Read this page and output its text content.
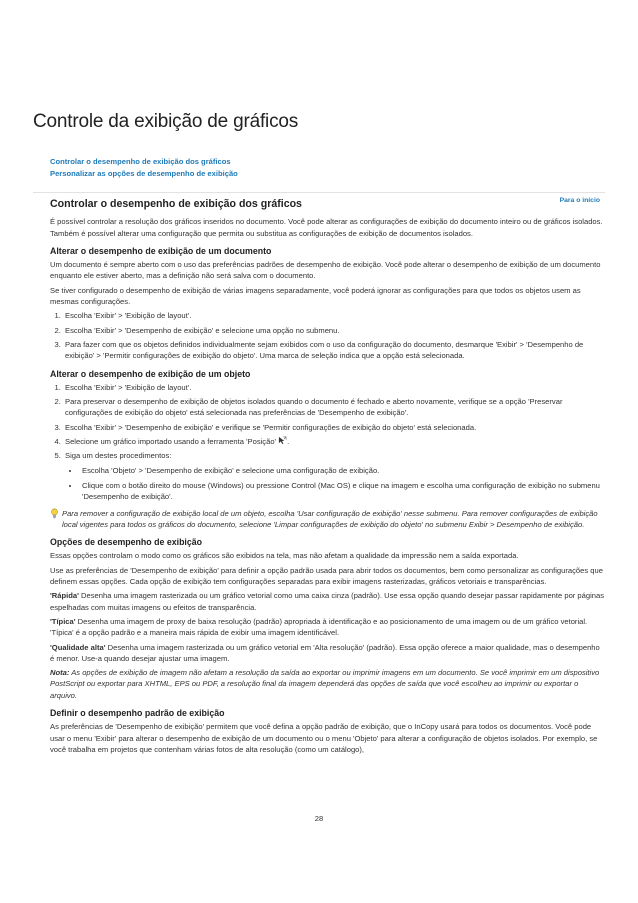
Controle da exibição de gráficos
Controlar o desempenho de exibição dos gráficos
Personalizar as opções de desempenho de exibição
Para o início
Controlar o desempenho de exibição dos gráficos

É possível controlar a resolução dos gráficos inseridos no documento. Você pode alterar as configurações de exibição do documento inteiro ou de gráficos isolados. Também é possível alterar uma configuração que permita ou substitua as configurações de exibição de documentos isolados.

Alterar o desempenho de exibição de um documento

Um documento é sempre aberto com o uso das preferências padrões de desempenho de exibição. Você pode alterar o desempenho de exibição de um documento enquanto ele estiver aberto, mas a definição não será salva com o documento.

Se tiver configurado o desempenho de exibição de várias imagens separadamente, você poderá ignorar as configurações para que todos os objetos usem as mesmas configurações.

1. Escolha 'Exibir' > 'Exibição de layout'.
2. Escolha 'Exibir' > 'Desempenho de exibição' e selecione uma opção no submenu.
3. Para fazer com que os objetos definidos individualmente sejam exibidos com o uso da configuração do documento, desmarque 'Exibir' > 'Desempenho de exibição' > 'Permitir configurações de exibição do objeto'. Uma marca de seleção indica que a opção está selecionada.
Alterar o desempenho de exibição de um objeto
1. Escolha 'Exibir' > 'Exibição de layout'.
2. Para preservar o desempenho de exibição de objetos isolados quando o documento é fechado e aberto novamente, verifique se a opção 'Preservar configurações de exibição do objeto' está selecionada nas preferências de 'Desempenho de exibição'.
3. Escolha 'Exibir' > 'Desempenho de exibição' e verifique se 'Permitir configurações de exibição do objeto' está selecionada.
4. Selecione um gráfico importado usando a ferramenta 'Posição' .
5. Siga um destes procedimentos:
• Escolha 'Objeto' > 'Desempenho de exibição' e selecione uma configuração de exibição.
• Clique com o botão direito do mouse (Windows) ou pressione Control (Mac OS) e clique na imagem e escolha uma configuração de exibição no submenu 'Desempenho de exibição'.
Para remover a configuração de exibição local de um objeto, escolha 'Usar configuração de exibição' nesse submenu. Para remover configurações de exibição local vigentes para todos os gráficos do documento, selecione 'Limpar configurações de exibição do objeto' no submenu Exibir > Desempenho de exibição.
Opções de desempenho de exibição

Essas opções controlam o modo como os gráficos são exibidos na tela, mas não afetam a qualidade da impressão nem a saída exportada.

Use as preferências de 'Desempenho de exibição' para definir a opção padrão usada para abrir todos os documentos, bem como personalizar as configurações que definem essas opções. Cada opção de exibição tem configurações separadas para exibir imagens rasterizadas, gráficos vetoriais e transparências.

'Rápida' Desenha uma imagem rasterizada ou um gráfico vetorial como uma caixa cinza (padrão). Use essa opção quando desejar passar rapidamente por páginas espelhadas com muitas imagens ou efeitos de transparência.

'Típica' Desenha uma imagem de proxy de baixa resolução (padrão) apropriada à identificação e ao posicionamento de uma imagem ou de um gráfico vetorial. 'Típica' é a opção padrão e a maneira mais rápida de exibir uma imagem identificável.

'Qualidade alta' Desenha uma imagem rasterizada ou um gráfico vetorial em 'Alta resolução' (padrão). Essa opção oferece a maior qualidade, mas o desempenho é menor. Use-a quando desejar ajustar uma imagem.

Nota: As opções de exibição de imagem não afetam a resolução da saída ao exportar ou imprimir imagens em um documento. Se você imprimir em um dispositivo PostScript ou exportar para XHTML, EPS ou PDF, a resolução final da imagem dependerá das opções de saída que você escolheu ao imprimir ou exportar o arquivo.

Definir o desempenho padrão de exibição

As preferências de 'Desempenho de exibição' permitem que você defina a opção padrão de exibição, que o InCopy usará para todos os documentos. Você pode usar o menu 'Exibir' para alterar o desempenho de exibição de um documento ou o menu 'Objeto' para alterar a configuração de objetos isolados. Por exemplo, se você trabalha em projetos que contenham várias fotos de alta resolução (como um catálogo),

28
